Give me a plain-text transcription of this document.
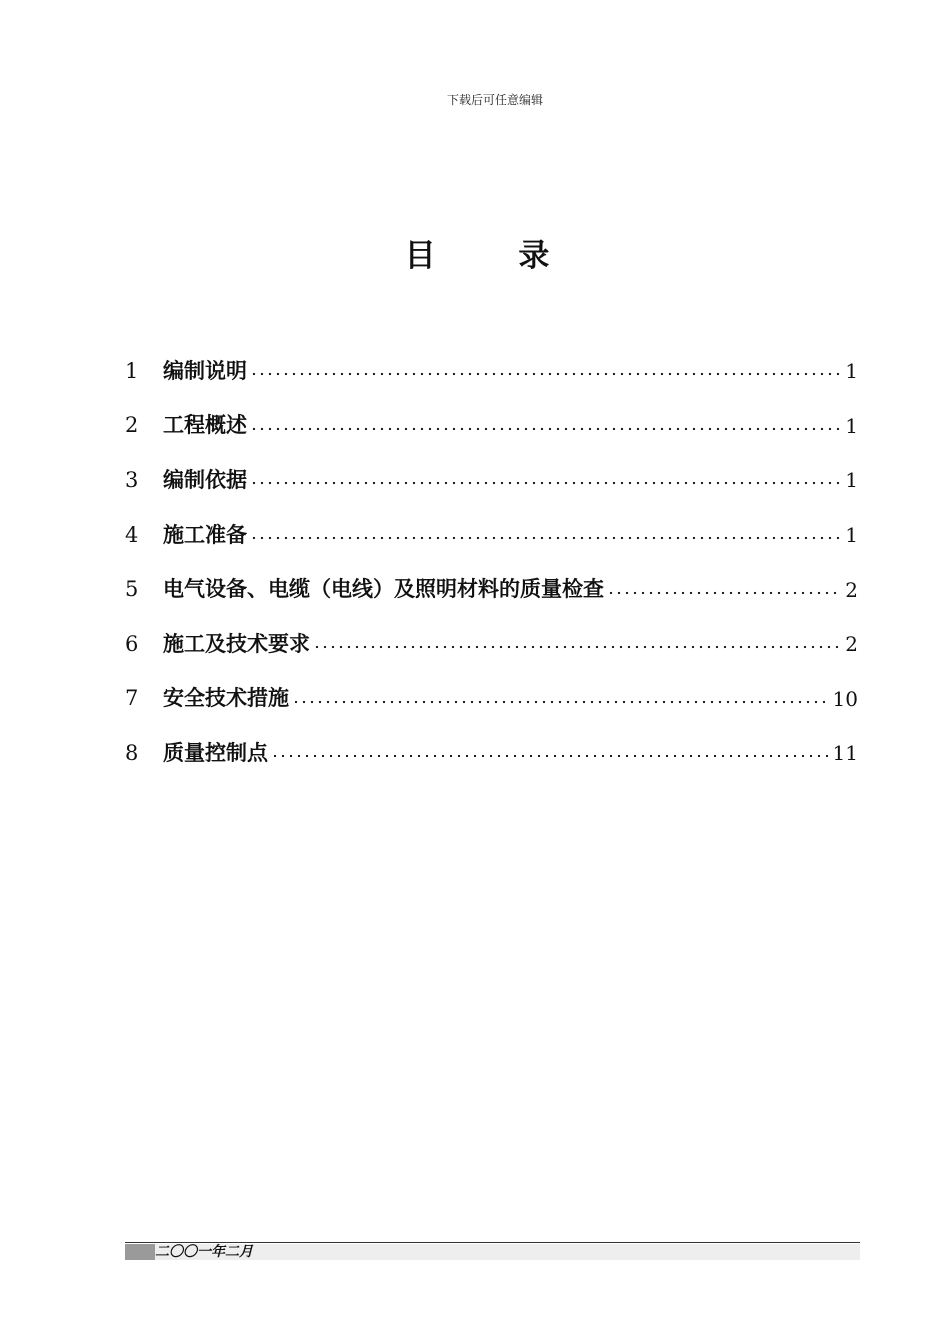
下载后可任意编辑
目 录
1	编制说明	1
2	工程概述	1
3	编制依据	1
4	施工准备	1
5	电气设备、电缆（电线）及照明材料的质量检查	2
6	施工及技术要求	2
7	安全技术措施	10
8	质量控制点	11
二〇〇一年二月
